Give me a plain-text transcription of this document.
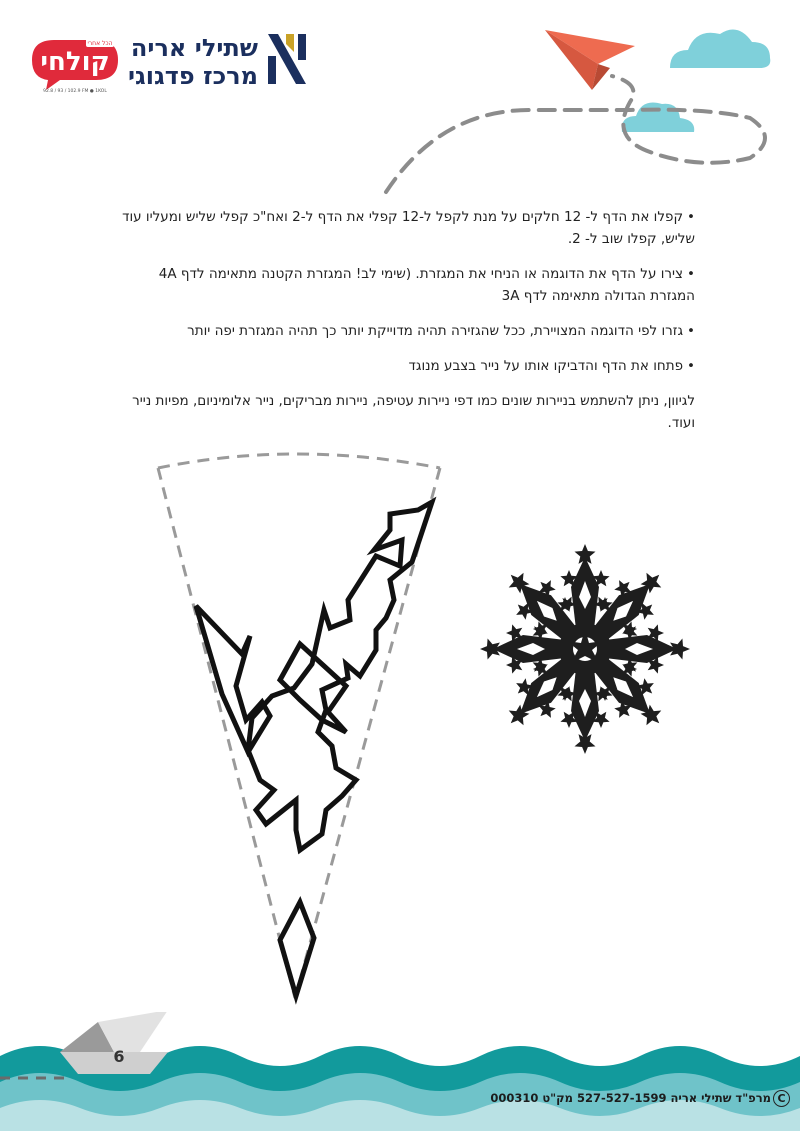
קולחי
הכל אחרי
92.8 / 93 / 102.9 FM ● 1KOL
שתילי אריה
מרכז פדגוגי

•קפלו את הדף ל- 12 חלקים על מנת לקפל ל-12 קפלי את הדף ל-2 ואח"כ קפלי שליש ומעליו עוד שליש, קפלו שוב ל- 2.

•צירו על הדף את הדוגמה או הניחי את המגזרת. (שימי לב! המגזרת הקטנה מתאימה לדף 4A המגזרת הגדולה מתאימה לדף 3A

•גזרו לפי הדוגמה המצויירת, ככל שהגזירה תהיה מדוייקת יותר כך תהיה המגזרת יפה יותר

•פתחו את הדף והדביקו אותו על נייר בצבע מנוגד

לגיוון, ניתן להשתמש בניירות שונים כמו דפי ניירות עטיפה, ניירות מבריקים, נייר אלומיניום, מפיות נייר ועוד.

6
Cמרפ"ד שתילי אריה 527-527-1599 מק"ט 000310
